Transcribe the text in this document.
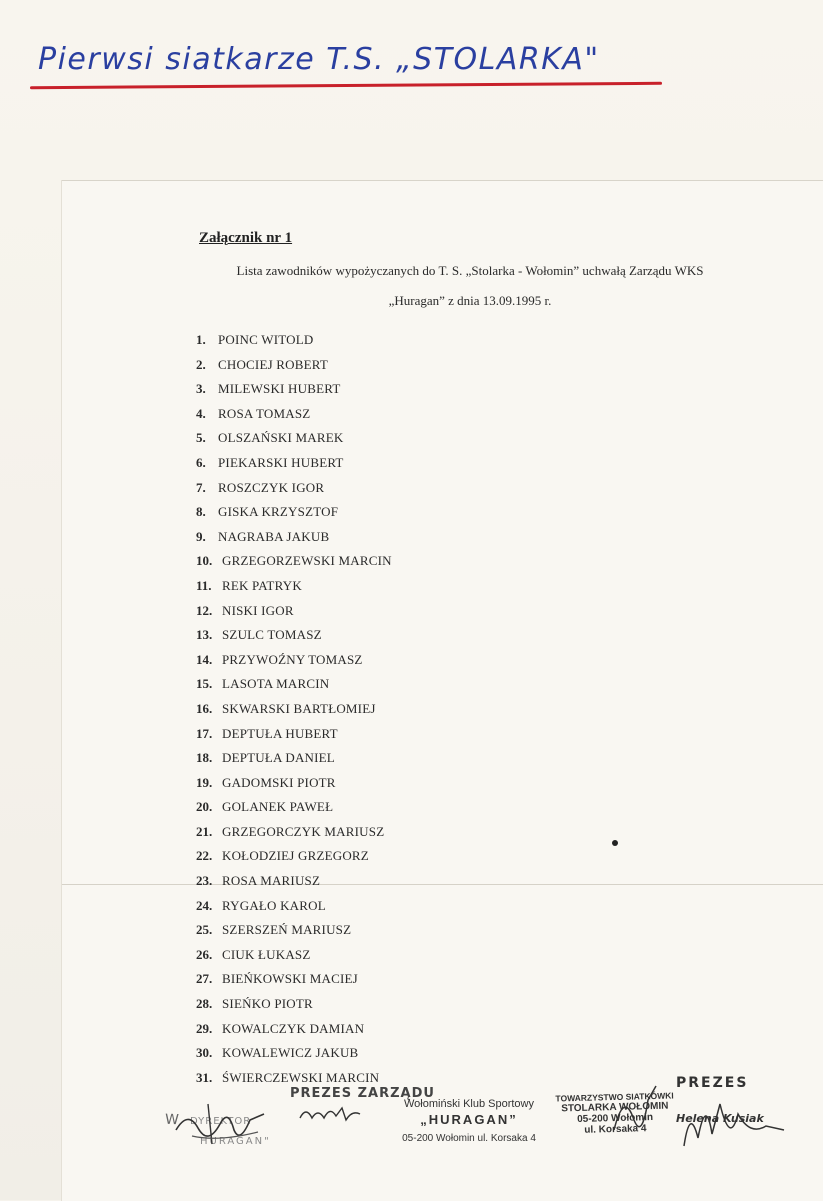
Pierwsi siatkarze T.S. „STOLARKA"
Załącznik nr 1
Lista zawodników wypożyczanych do T. S. „Stolarka - Wołomin” uchwałą Zarządu WKS
„Huragan” z dnia 13.09.1995 r.
1. POINC WITOLD
2. CHOCIEJ ROBERT
3. MILEWSKI HUBERT
4. ROSA TOMASZ
5. OLSZAŃSKI MAREK
6. PIEKARSKI HUBERT
7. ROSZCZYK IGOR
8. GISKA KRZYSZTOF
9. NAGRABA JAKUB
10. GRZEGORZEWSKI MARCIN
11. REK PATRYK
12. NISKI IGOR
13. SZULC TOMASZ
14. PRZYWOŹNY TOMASZ
15. LASOTA MARCIN
16. SKWARSKI BARTŁOMIEJ
17. DEPTUŁA HUBERT
18. DEPTUŁA DANIEL
19. GADOMSKI PIOTR
20. GOLANEK PAWEŁ
21. GRZEGORCZYK MARIUSZ
22. KOŁODZIEJ GRZEGORZ
23. ROSA MARIUSZ
24. RYGAŁO KAROL
25. SZERSZEŃ MARIUSZ
26. CIUK ŁUKASZ
27. BIEŃKOWSKI MACIEJ
28. SIEŃKO PIOTR
29. KOWALCZYK DAMIAN
30. KOWALEWICZ JAKUB
31. ŚWIERCZEWSKI MARCIN
W DYREKTOR
HURAGAN"
PREZES ZARZĄDU
Wołomiński Klub Sportowy
„HURAGAN”
05-200 Wołomin ul. Korsaka 4
TOWARZYSTWO SIATKÓWKI
STOLARKA WOŁOMIN
05-200 Wołomin
ul. Korsaka 4
PREZES
Helena Kusiak
